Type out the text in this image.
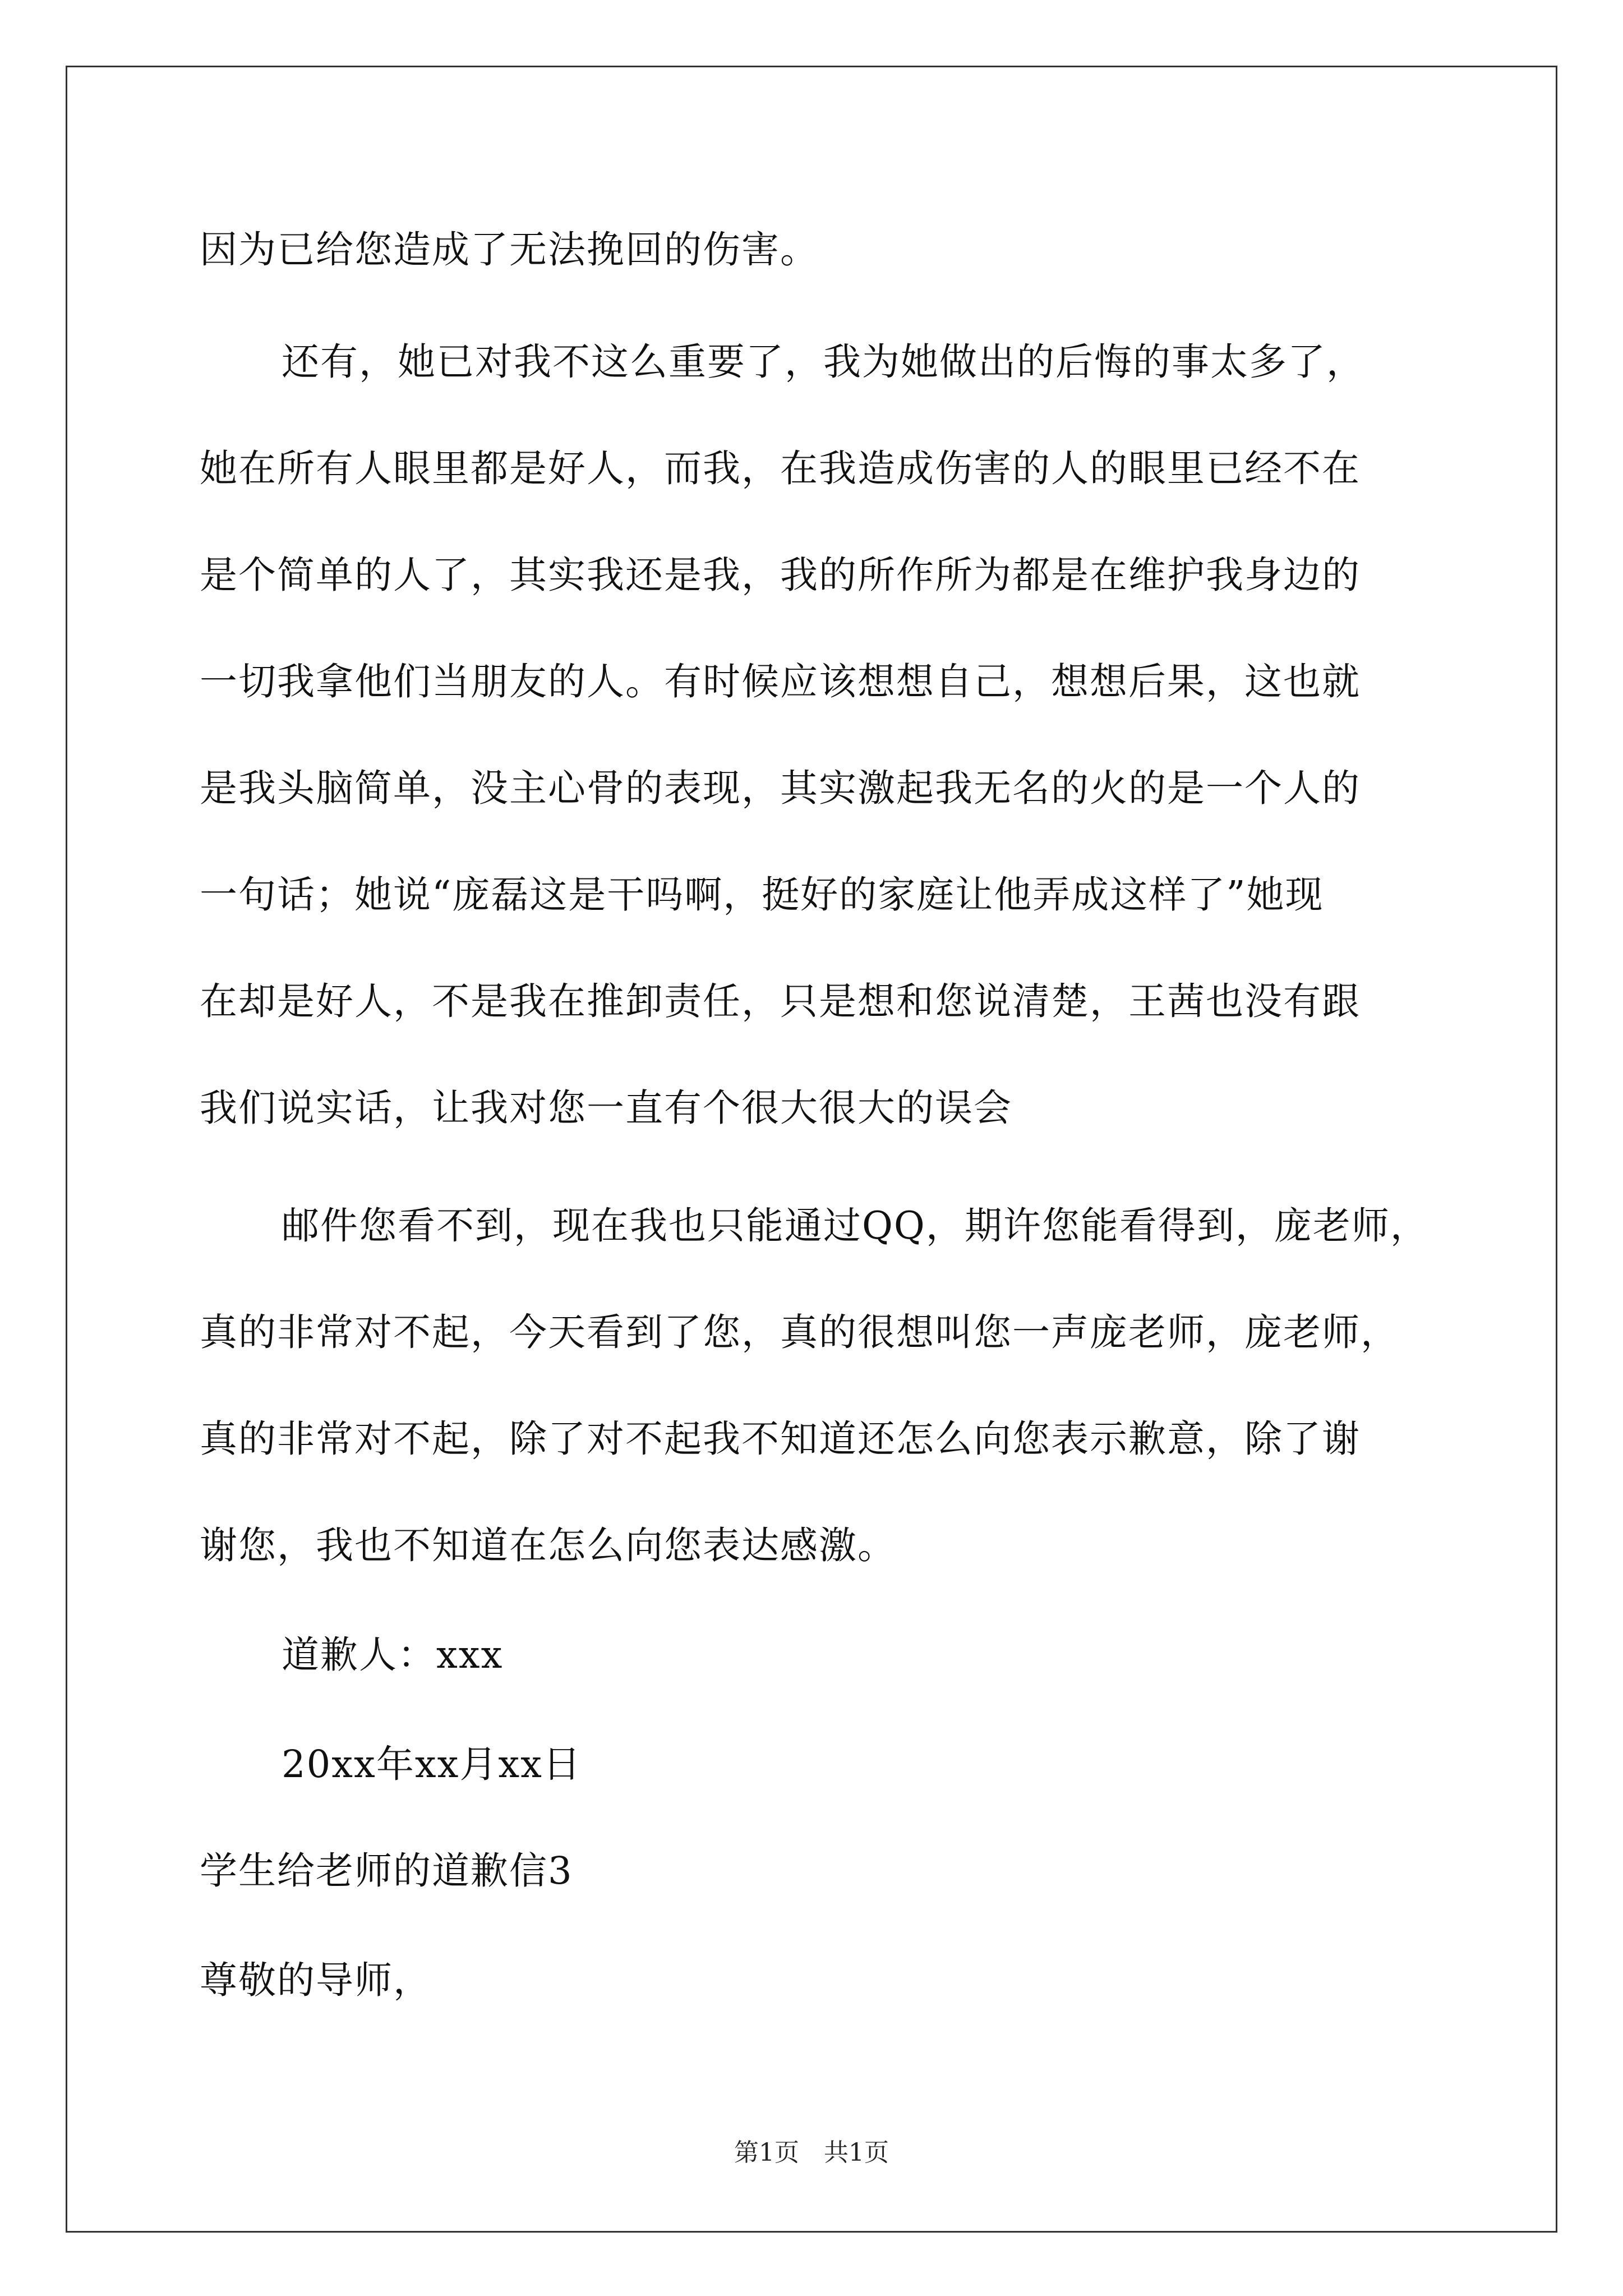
因为已给您造成了无法挽回的伤害。

还有，她已对我不这么重要了，我为她做出的后悔的事太多了，

她在所有人眼里都是好人，而我，在我造成伤害的人的眼里已经不在

是个简单的人了，其实我还是我，我的所作所为都是在维护我身边的

一切我拿他们当朋友的人。有时候应该想想自己，想想后果，这也就

是我头脑简单，没主心骨的表现，其实激起我无名的火的是一个人的

一句话；她说“庞磊这是干吗啊，挺好的家庭让他弄成这样了”她现

在却是好人，不是我在推卸责任，只是想和您说清楚，王茜也没有跟

我们说实话，让我对您一直有个很大很大的误会

邮件您看不到，现在我也只能通过QQ，期许您能看得到，庞老师，

真的非常对不起，今天看到了您，真的很想叫您一声庞老师，庞老师，

真的非常对不起，除了对不起我不知道还怎么向您表示歉意，除了谢

谢您，我也不知道在怎么向您表达感激。

道歉人：xxx

20xx年xx月xx日

学生给老师的道歉信3

尊敬的导师，

第1页　共1页
